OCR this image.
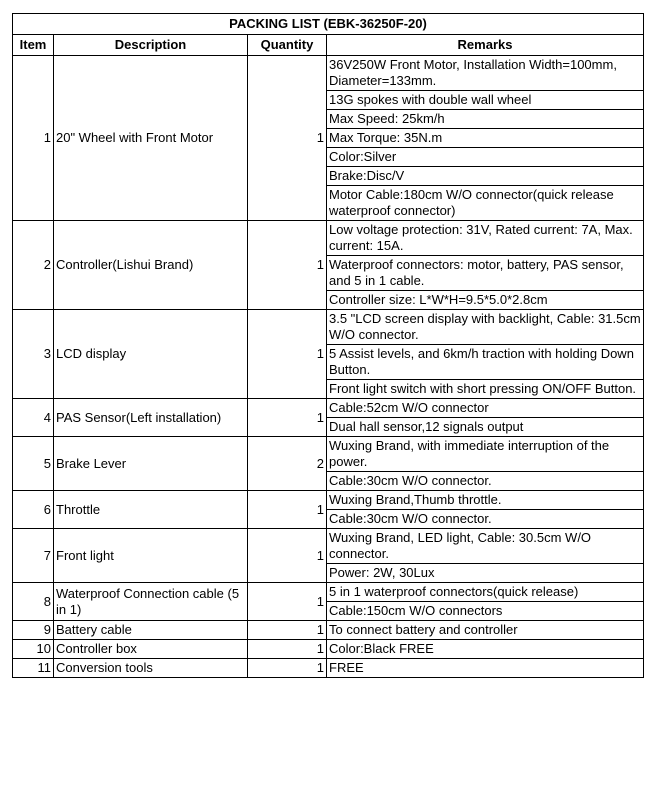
PACKING LIST (EBK-36250F-20)			
Item	Description	Quantity	Remarks
1	20" Wheel with Front Motor	1	36V250W Front Motor, Installation Width=100mm, Diameter=133mm.
			13G spokes with double wall wheel
			Max Speed: 25km/h
			Max Torque: 35N.m
			Color:Silver
			Brake:Disc/V
			Motor Cable:180cm W/O connector(quick release waterproof connector)
2	Controller(Lishui Brand)	1	Low voltage protection: 31V, Rated current: 7A, Max. current: 15A.
			Waterproof connectors: motor, battery, PAS sensor, and 5 in 1 cable.
			Controller size: L*W*H=9.5*5.0*2.8cm
3	LCD display	1	3.5 "LCD screen display with backlight, Cable: 31.5cm W/O connector.
			5 Assist levels, and 6km/h traction with holding Down Button.
			Front light switch with short pressing ON/OFF Button.
4	PAS Sensor(Left installation)	1	Cable:52cm W/O connector
			Dual hall sensor,12 signals output
5	Brake Lever	2	Wuxing Brand, with immediate interruption of the power.
			Cable:30cm W/O connector.
6	Throttle	1	Wuxing Brand,Thumb throttle.
			Cable:30cm W/O connector.
7	Front light	1	Wuxing Brand, LED light, Cable: 30.5cm W/O connector.
			Power: 2W, 30Lux
8	Waterproof Connection cable (5 in 1)	1	5 in 1 waterproof connectors(quick release)
			Cable:150cm W/O connectors
9	Battery cable	1	To connect battery and controller
10	Controller box	1	Color:Black FREE
11	Conversion tools	1	FREE
